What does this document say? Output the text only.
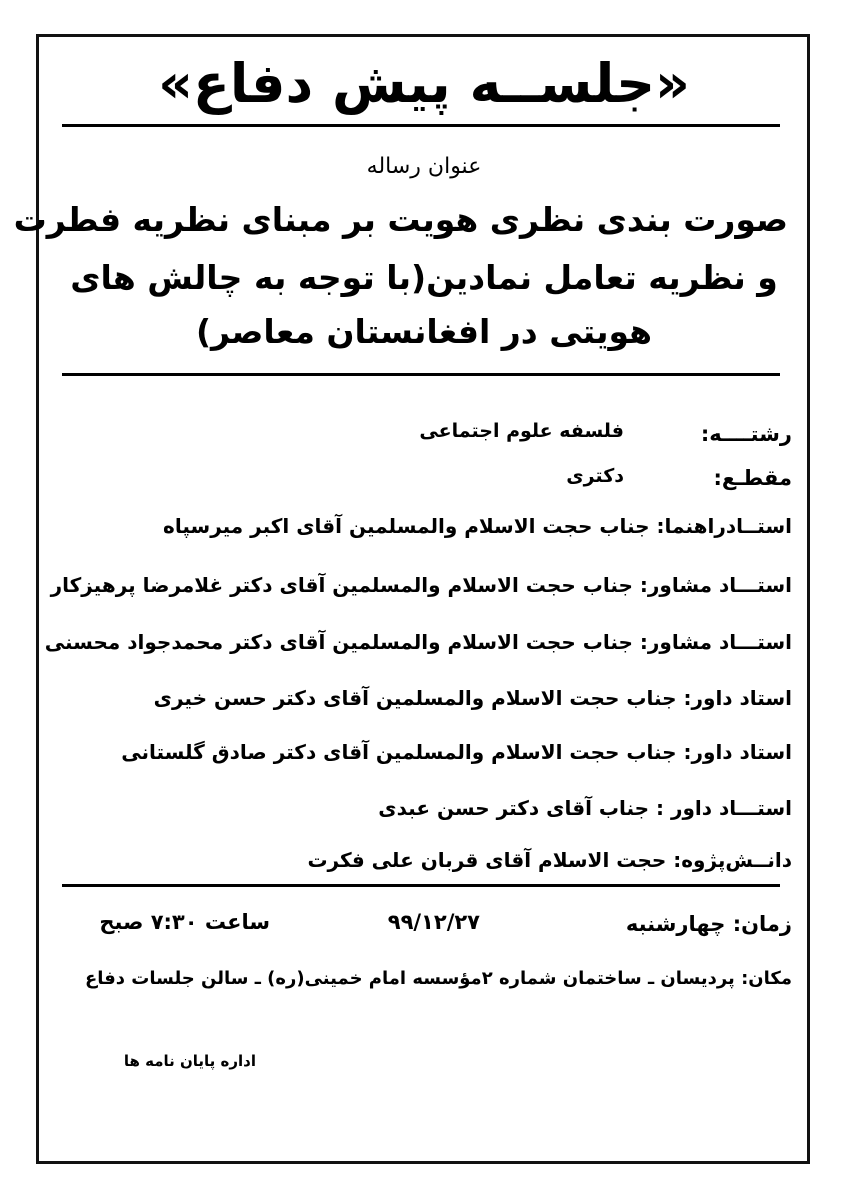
«جلســه پیش دفاع»
عنوان رساله
صورت بندی نظری هویت بر مبنای نظریه فطرت
و نظریه تعامل نمادین(با توجه به چالش های
هویتی در افغانستان معاصر)
رشتــــه:
فلسفه علوم اجتماعی
مقطـع:
دکتری
استــادراهنما: جناب حجت الاسلام والمسلمین آقای اکبر میرسپاه
استـــاد مشاور: جناب حجت الاسلام والمسلمین آقای دکتر غلامرضا پرهیزکار
استـــاد مشاور: جناب حجت الاسلام والمسلمین آقای دکتر محمدجواد محسنی
استاد داور: جناب حجت الاسلام والمسلمین آقای دکتر حسن خیری
استاد داور: جناب حجت الاسلام والمسلمین آقای دکتر صادق گلستانی
استـــاد داور : جناب آقای دکتر حسن عبدی
دانــش‌پژوه: حجت الاسلام آقای قربان علی فکرت
زمان: چهارشنبه
۹۹/۱۲/۲۷
ساعت ۷:۳۰ صبح
مکان: پردیسان ـ ساختمان شماره ۲مؤسسه امام خمینی(ره) ـ سالن جلسات دفاع
اداره پایان نامه ها
